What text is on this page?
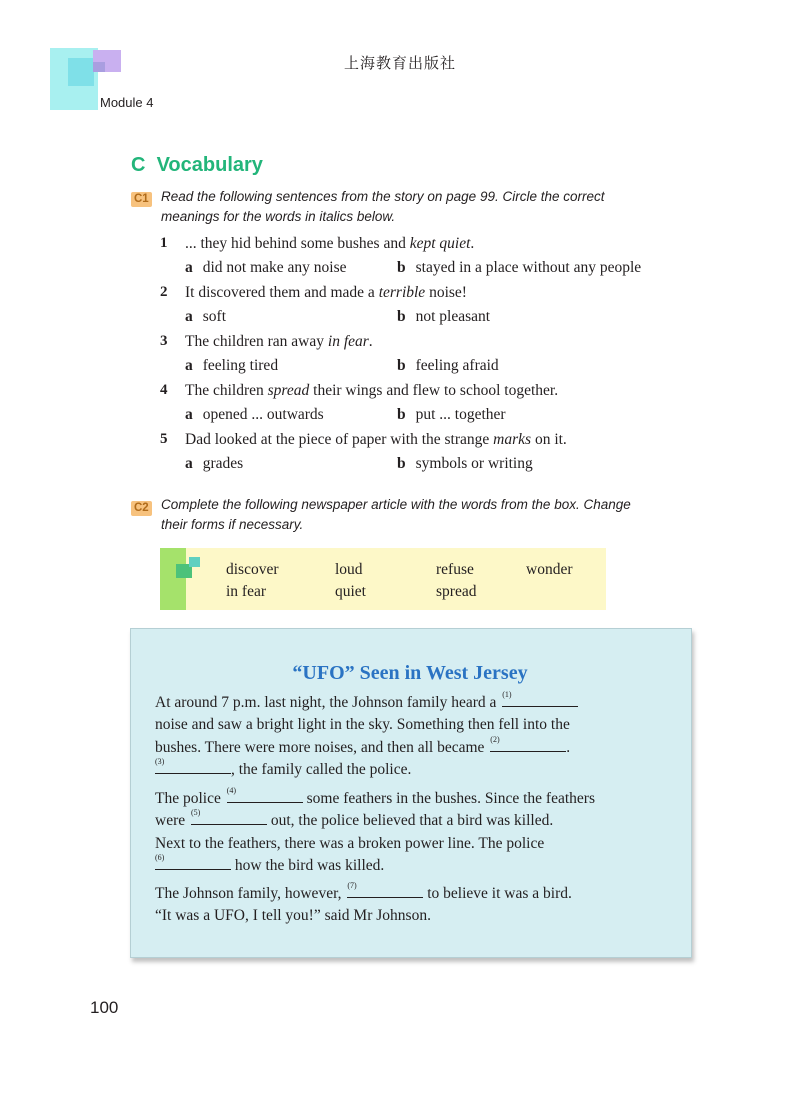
上海教育出版社
Module 4
C Vocabulary
C1 Read the following sentences from the story on page 99. Circle the correct
meanings for the words in italics below.
1 ... they hid behind some bushes and kept quiet.
a did not make any noise	b stayed in a place without any people
2 It discovered them and made a terrible noise!
a soft	b not pleasant
3 The children ran away in fear.
a feeling tired	b feeling afraid
4 The children spread their wings and flew to school together.
a opened ... outwards	b put ... together
5 Dad looked at the piece of paper with the strange marks on it.
a grades	b symbols or writing
C2 Complete the following newspaper article with the words from the box. Change
their forms if necessary.
discover	loud	refuse	wonder
in fear	quiet	spread
“UFO” Seen in West Jersey
At around 7 p.m. last night, the Johnson family heard a (1)
noise and saw a bright light in the sky. Something then fell into the
bushes. There were more noises, and then all became (2)	.
(3)	, the family called the police.
The police (4)	some feathers in the bushes. Since the feathers
were (5)	out, the police believed that a bird was killed.
Next to the feathers, there was a broken power line. The police
(6)	how the bird was killed.
The Johnson family, however, (7)	to believe it was a bird.
“It was a UFO, I tell you!” said Mr Johnson.
100
